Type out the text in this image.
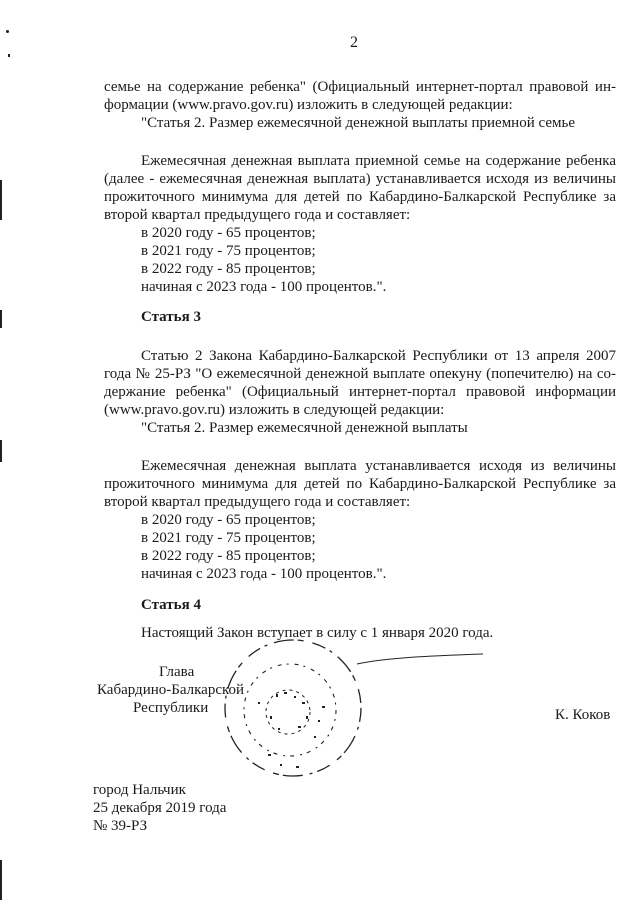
2
семье на содержание ребенка" (Официальный интернет-портал правовой ин-
формации (www.pravo.gov.ru) изложить в следующей редакции:
"Статья 2. Размер ежемесячной денежной выплаты приемной семье
Ежемесячная денежная выплата приемной семье на содержание ребенка
(далее - ежемесячная денежная выплата) устанавливается исходя из величины
прожиточного минимума для детей по Кабардино-Балкарской Республике за
второй квартал предыдущего года и составляет:
в 2020 году - 65 процентов;
в 2021 году - 75 процентов;
в 2022 году - 85 процентов;
начиная с 2023 года - 100 процентов.".
Статья 3
Статью 2 Закона Кабардино-Балкарской Республики от 13 апреля 2007
года № 25-РЗ "О ежемесячной денежной выплате опекуну (попечителю) на со-
держание ребенка" (Официальный интернет-портал правовой информации
(www.pravo.gov.ru) изложить в следующей редакции:
"Статья 2. Размер ежемесячной денежной выплаты
Ежемесячная денежная выплата устанавливается исходя из величины
прожиточного минимума для детей по Кабардино-Балкарской Республике за
второй квартал предыдущего года и составляет:
в 2020 году - 65 процентов;
в 2021 году - 75 процентов;
в 2022 году - 85 процентов;
начиная с 2023 года - 100 процентов.".
Статья 4
Настоящий Закон вступает в силу с 1 января 2020 года.
Глава
Кабардино-Балкарской
Республики	К. Коков
город Нальчик
25 декабря 2019 года
№ 39-РЗ
